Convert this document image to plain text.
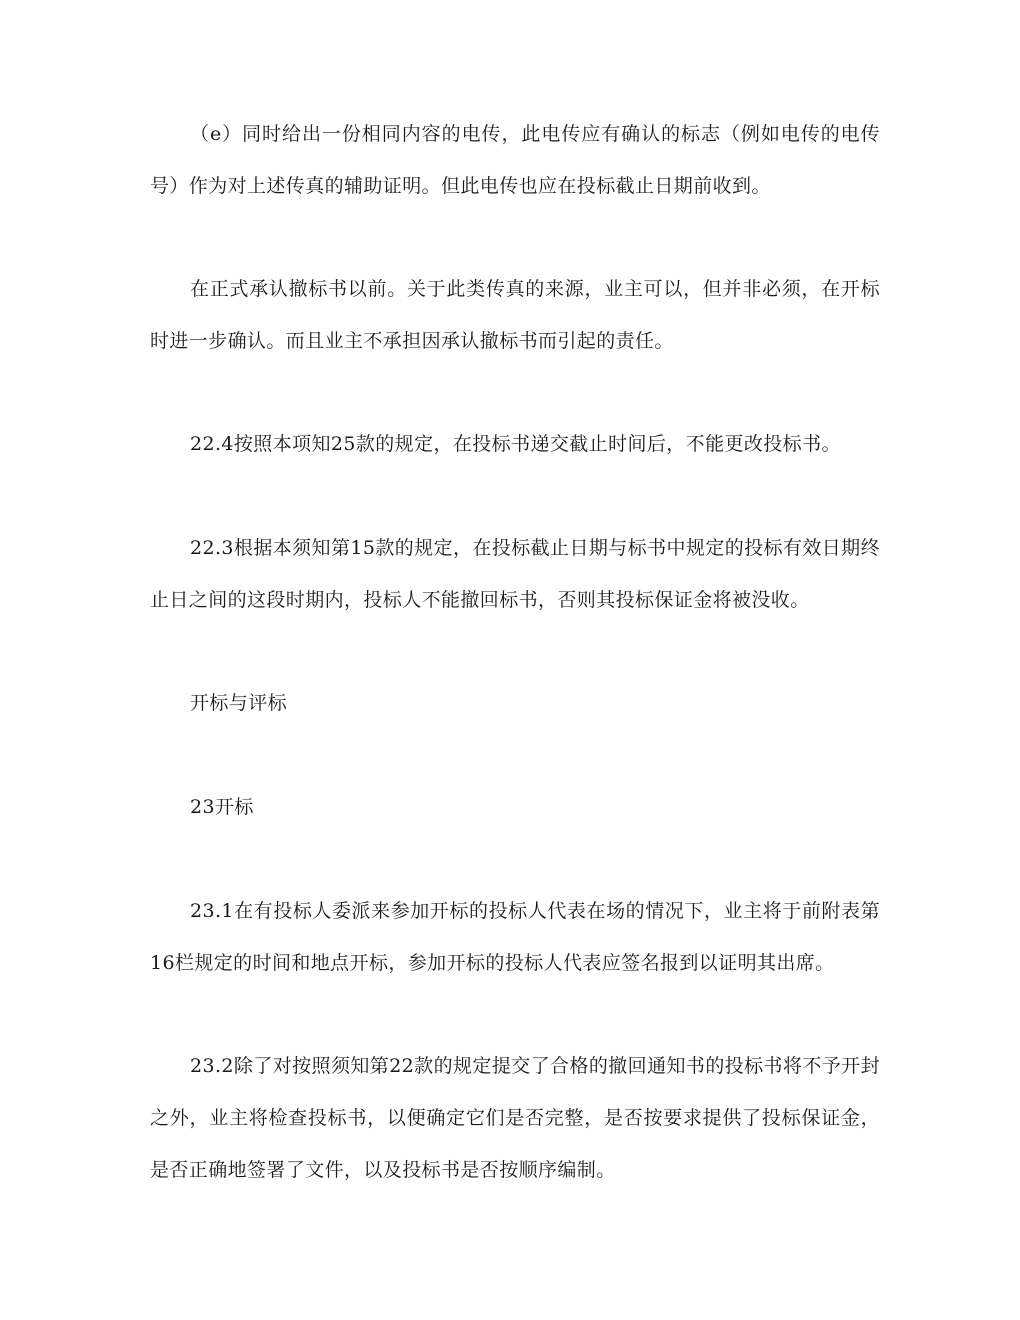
（e）同时给出一份相同内容的电传，此电传应有确认的标志（例如电传的电传号）作为对上述传真的辅助证明。但此电传也应在投标截止日期前收到。

在正式承认撤标书以前。关于此类传真的来源，业主可以，但并非必须，在开标时进一步确认。而且业主不承担因承认撤标书而引起的责任。

22.4按照本项知25款的规定，在投标书递交截止时间后，不能更改投标书。

22.3根据本须知第15款的规定，在投标截止日期与标书中规定的投标有效日期终止日之间的这段时期内，投标人不能撤回标书，否则其投标保证金将被没收。

开标与评标

23开标

23.1在有投标人委派来参加开标的投标人代表在场的情况下，业主将于前附表第16栏规定的时间和地点开标，参加开标的投标人代表应签名报到以证明其出席。

23.2除了对按照须知第22款的规定提交了合格的撤回通知书的投标书将不予开封之外，业主将检查投标书，以便确定它们是否完整，是否按要求提供了投标保证金，是否正确地签署了文件，以及投标书是否按顺序编制。
